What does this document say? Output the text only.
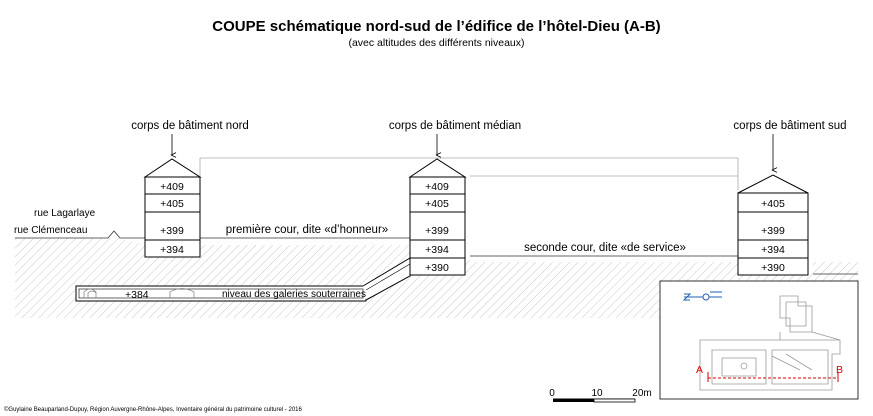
COUPE schématique nord-sud de l’édifice de l’hôtel-Dieu (A-B)
(avec altitudes des différents niveaux)
corps de bâtiment nord	corps de bâtiment médian	corps de bâtiment sud
+409
+405
+399
+394
+409
+405
+399
+394
+390
+405
+399
+394
+390
rue Lagarlaye
rue Clémenceau	première cour, dite «d’honneur»
seconde cour, dite «de service»
+384	niveau des galeries souterraines
A	B
0	10	20m
©Guylaine Beauparland-Dupuy, Région Auvergne-Rhône-Alpes, Inventaire général du patrimoine culturel - 2016
